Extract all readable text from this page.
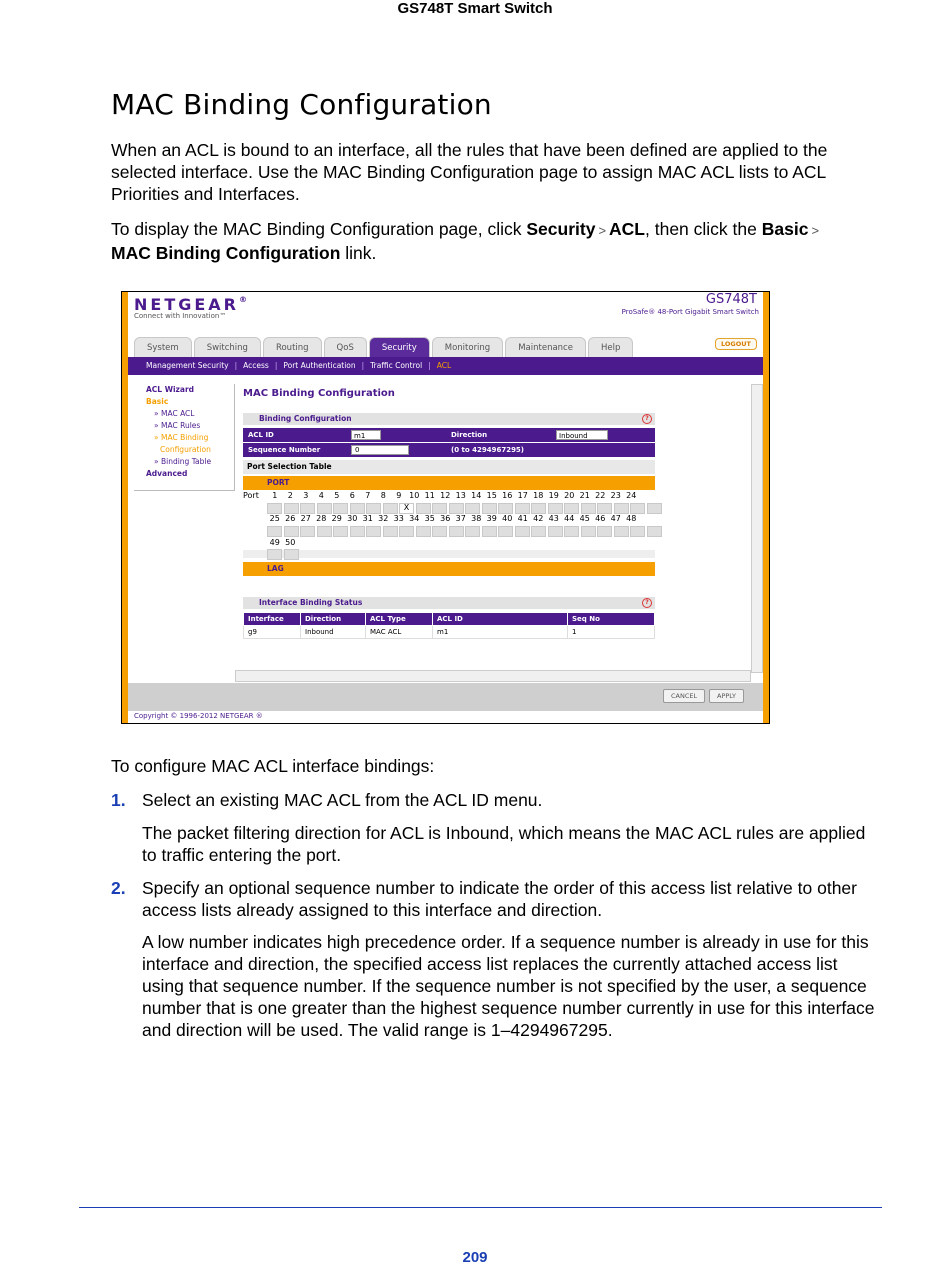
GS748T Smart Switch
MAC Binding Configuration

When an ACL is bound to an interface, all the rules that have been defined are applied to the selected interface. Use the MAC Binding Configuration page to assign MAC ACL lists to ACL Priorities and Interfaces.

To display the MAC Binding Configuration page, click Security > ACL, then click the Basic >
MAC Binding Configuration link.

NETGEAR®
Connect with Innovation™
GS748T
ProSafe® 48-Port Gigabit Smart Switch
System	Switching	Routing	QoS	Security	Monitoring	Maintenance	Help	LOGOUT
Management Security | Access | Port Authentication | Traffic Control | ACL
ACL Wizard
Basic
» MAC ACL
» MAC Rules
» MAC Binding
Configuration
» Binding Table
Advanced
MAC Binding Configuration
Binding Configuration	?
ACL ID	m1	Direction	Inbound
Sequence Number	0	(0 to 4294967295)
Port Selection Table
PORT
Port 1 2 3 4 5 6 7 8 9 10 11 12 13 14 15 16 17 18 19 20 21 22 23 24
X
25 26 27 28 29 30 31 32 33 34 35 36 37 38 39 40 41 42 43 44 45 46 47 48
49 50
LAG
Interface Binding Status	?
Interface	Direction	ACL Type	ACL ID	Seq No
g9	Inbound	MAC ACL	m1	1
CANCEL	APPLY
Copyright © 1996-2012 NETGEAR ®

To configure MAC ACL interface bindings:

1. Select an existing MAC ACL from the ACL ID menu.

The packet filtering direction for ACL is Inbound, which means the MAC ACL rules are applied to traffic entering the port.

2. Specify an optional sequence number to indicate the order of this access list relative to other access lists already assigned to this interface and direction.

A low number indicates high precedence order. If a sequence number is already in use for this interface and direction, the specified access list replaces the currently attached access list using that sequence number. If the sequence number is not specified by the user, a sequence number that is one greater than the highest sequence number currently in use for this interface and direction will be used. The valid range is 1–4294967295.

209
